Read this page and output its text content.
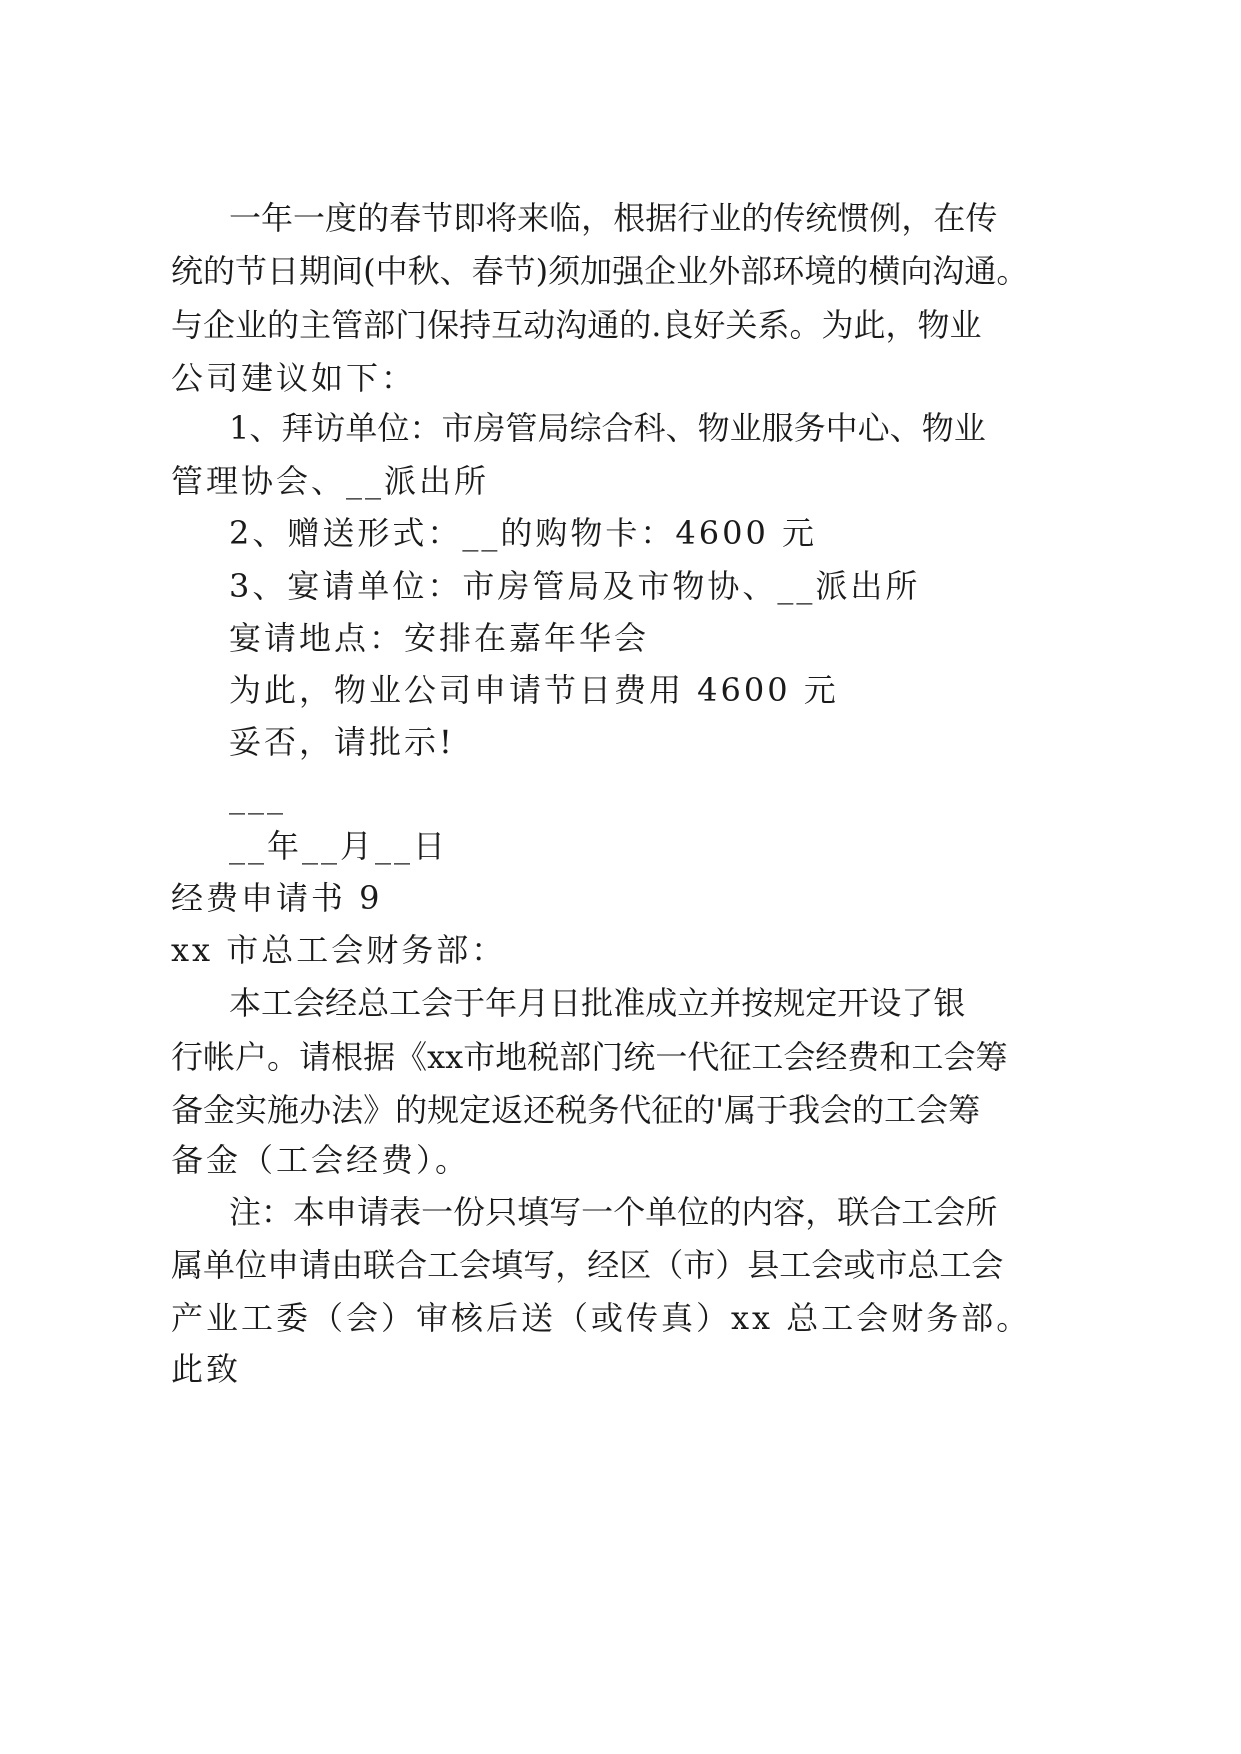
一 年 一 度 的 春 节 即 将 来 临 ， 根 据 行 业 的 传 统 惯 例 ， 在 传
统 的 节 日 期 间 ( 中 秋 、 春 节 ) 须 加 强 企 业 外 部 环 境 的 横 向 沟 通 。
与 企 业 的 主 管 部 门 保 持 互 动 沟 通 的 . 良 好 关 系 。 为 此 ， 物 业
公司建议如下：
1 、 拜 访 单 位 ： 市 房 管 局 综 合 科 、 物 业 服 务 中 心 、 物 业
管理协会、__派出所
2、赠送形式：__的购物卡：4600 元
3、宴请单位：市房管局及市物协、__派出所
宴请地点：安排在嘉年华会
为此，物业公司申请节日费用 4600 元
妥否，请批示!
___
__年__月__日
经费申请书 9
xx 市总工会财务部：
本 工 会 经 总 工 会 于 年 月 日 批 准 成 立 并 按 规 定 开 设 了 银
行 帐 户 。 请 根 据 《 xx 市 地 税 部 门 统 一 代 征 工 会 经 费 和 工 会 筹
备 金 实 施 办 法 》 的 规 定 返 还 税 务 代 征 的 ' 属 于 我 会 的 工 会 筹
备金（工会经费）。
注 ： 本 申 请 表 一 份 只 填 写 一 个 单 位 的 内 容 ， 联 合 工 会 所
属 单 位 申 请 由 联 合 工 会 填 写 ， 经 区 （ 市 ） 县 工 会 或 市 总 工 会
产业工委（会）审核后送（或传真）xx 总工会财务部。
此致
